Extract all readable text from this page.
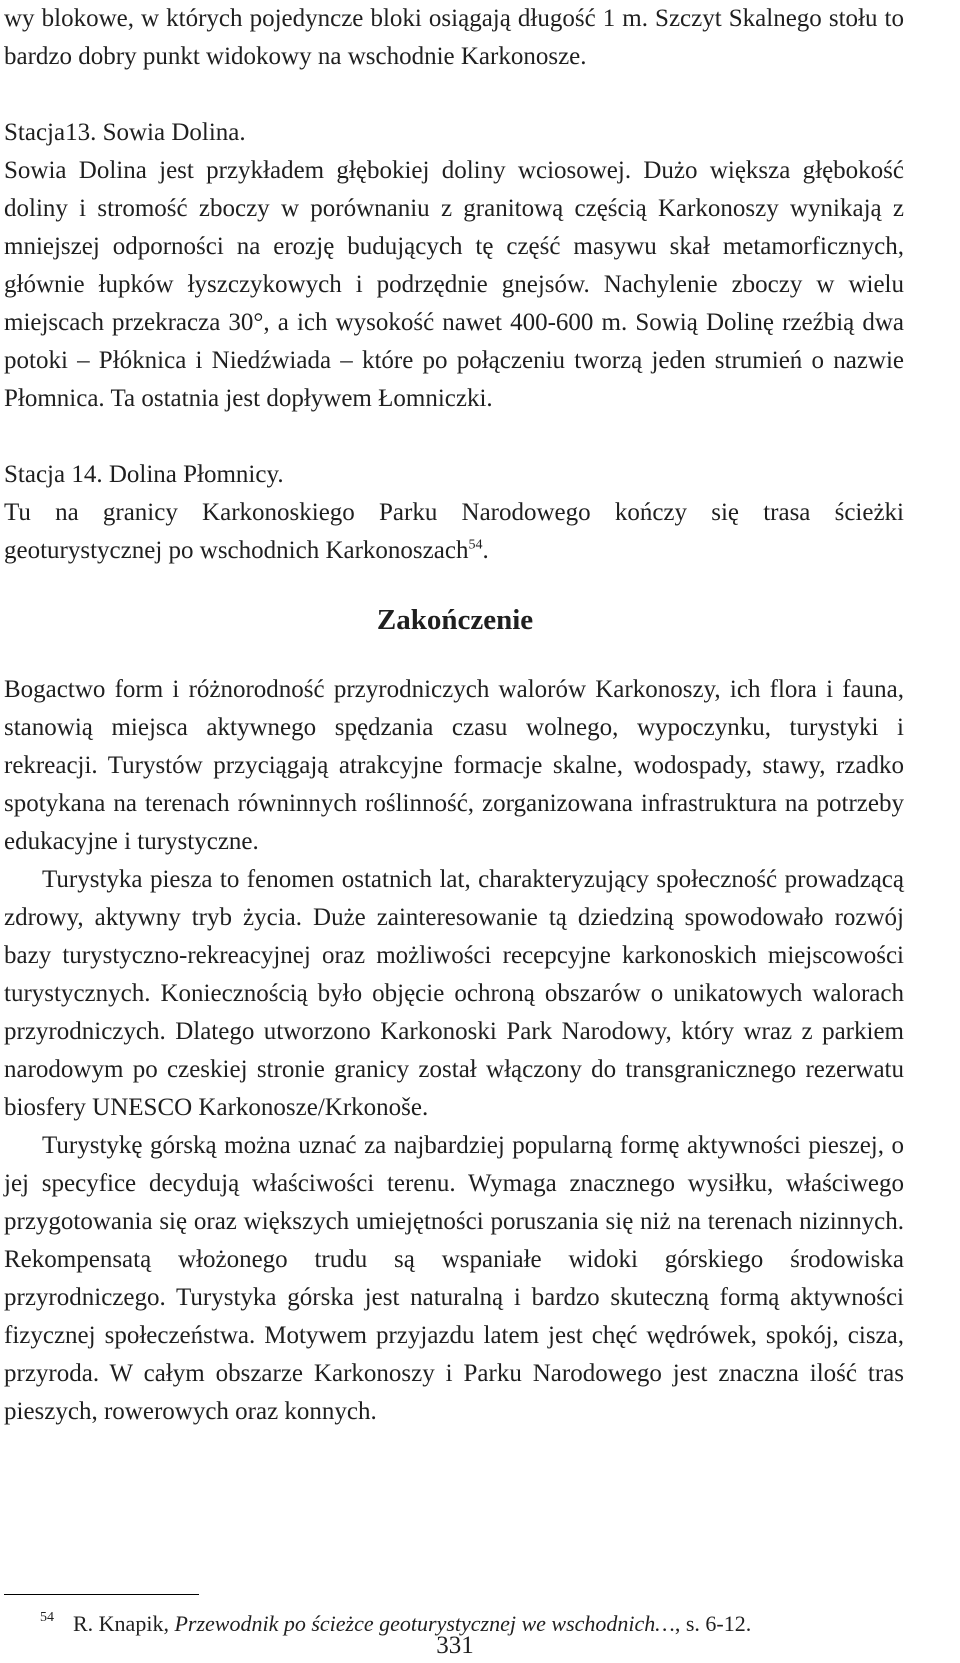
wy blokowe, w których pojedyncze bloki osiągają długość 1 m. Szczyt Skalnego stołu to bardzo dobry punkt widokowy na wschodnie Karkonosze.

Stacja13. Sowia Dolina.

Sowia Dolina jest przykładem głębokiej doliny wciosowej. Dużo większa głębokość doliny i stromość zboczy w porównaniu z granitową częścią Karkonoszy wynikają z mniejszej odporności na erozję budujących tę część masywu skał metamorficznych, głównie łupków łyszczykowych i podrzędnie gnejsów. Nachylenie zboczy w wielu miejscach przekracza 30°, a ich wysokość nawet 400-600 m. Sowią Dolinę rzeźbią dwa potoki – Płóknica i Niedźwiada – które po połączeniu tworzą jeden strumień o nazwie Płomnica. Ta ostatnia jest dopływem Łomniczki.

Stacja 14. Dolina Płomnicy.

Tu na granicy Karkonoskiego Parku Narodowego kończy się trasa ścieżki geoturystycznej po wschodnich Karkonoszach$^{54}$.

Zakończenie

Bogactwo form i różnorodność przyrodniczych walorów Karkonoszy, ich flora i fauna, stanowią miejsca aktywnego spędzania czasu wolnego, wypoczynku, turystyki i rekreacji. Turystów przyciągają atrakcyjne formacje skalne, wodospady, stawy, rzadko spotykana na terenach równinnych roślinność, zorganizowana infrastruktura na potrzeby edukacyjne i turystyczne.

Turystyka piesza to fenomen ostatnich lat, charakteryzujący społeczność prowadzącą zdrowy, aktywny tryb życia. Duże zainteresowanie tą dziedziną spowodowało rozwój bazy turystyczno-rekreacyjnej oraz możliwości recepcyjne karkonoskich miejscowości turystycznych. Koniecznością było objęcie ochroną obszarów o unikatowych walorach przyrodniczych. Dlatego utworzono Karkonoski Park Narodowy, który wraz z parkiem narodowym po czeskiej stronie granicy został włączony do transgranicznego rezerwatu biosfery UNESCO Karkonosze/Krkonoše.

Turystykę górską można uznać za najbardziej popularną formę aktywności pieszej, o jej specyfice decydują właściwości terenu. Wymaga znacznego wysiłku, właściwego przygotowania się oraz większych umiejętności poruszania się niż na terenach nizinnych. Rekompensatą włożonego trudu są wspaniałe widoki górskiego środowiska przyrodniczego. Turystyka górska jest naturalną i bardzo skuteczną formą aktywności fizycznej społeczeństwa. Motywem przyjazdu latem jest chęć wędrówek, spokój, cisza, przyroda. W całym obszarze Karkonoszy i Parku Narodowego jest znaczna ilość tras pieszych, rowerowych oraz konnych.

54 R. Knapik, Przewodnik po ścieżce geoturystycznej we wschodnich…, s. 6-12.

331
